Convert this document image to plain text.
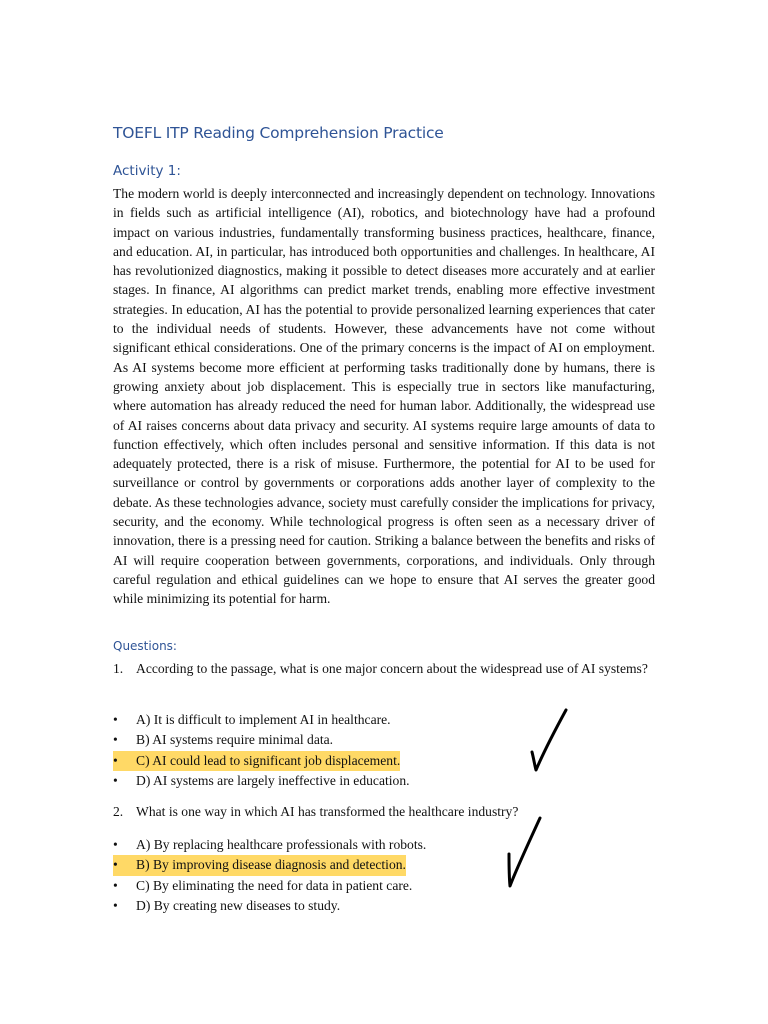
TOEFL ITP Reading Comprehension Practice
Activity 1:

The modern world is deeply interconnected and increasingly dependent on technology. Innovations in fields such as artificial intelligence (AI), robotics, and biotechnology have had a profound impact on various industries, fundamentally transforming business practices, healthcare, finance, and education. AI, in particular, has introduced both opportunities and challenges. In healthcare, AI has revolutionized diagnostics, making it possible to detect diseases more accurately and at earlier stages. In finance, AI algorithms can predict market trends, enabling more effective investment strategies. In education, AI has the potential to provide personalized learning experiences that cater to the individual needs of students. However, these advancements have not come without significant ethical considerations. One of the primary concerns is the impact of AI on employment. As AI systems become more efficient at performing tasks traditionally done by humans, there is growing anxiety about job displacement. This is especially true in sectors like manufacturing, where automation has already reduced the need for human labor. Additionally, the widespread use of AI raises concerns about data privacy and security. AI systems require large amounts of data to function effectively, which often includes personal and sensitive information. If this data is not adequately protected, there is a risk of misuse. Furthermore, the potential for AI to be used for surveillance or control by governments or corporations adds another layer of complexity to the debate. As these technologies advance, society must carefully consider the implications for privacy, security, and the economy. While technological progress is often seen as a necessary driver of innovation, there is a pressing need for caution. Striking a balance between the benefits and risks of AI will require cooperation between governments, corporations, and individuals. Only through careful regulation and ethical guidelines can we hope to ensure that AI serves the greater good while minimizing its potential for harm.

Questions:
1. According to the passage, what is one major concern about the widespread use of AI systems?
•	A) It is difficult to implement AI in healthcare.
•	B) AI systems require minimal data.
•	C) AI could lead to significant job displacement.
•	D) AI systems are largely ineffective in education.
2. What is one way in which AI has transformed the healthcare industry?
•	A) By replacing healthcare professionals with robots.
•	B) By improving disease diagnosis and detection.
•	C) By eliminating the need for data in patient care.
•	D) By creating new diseases to study.
